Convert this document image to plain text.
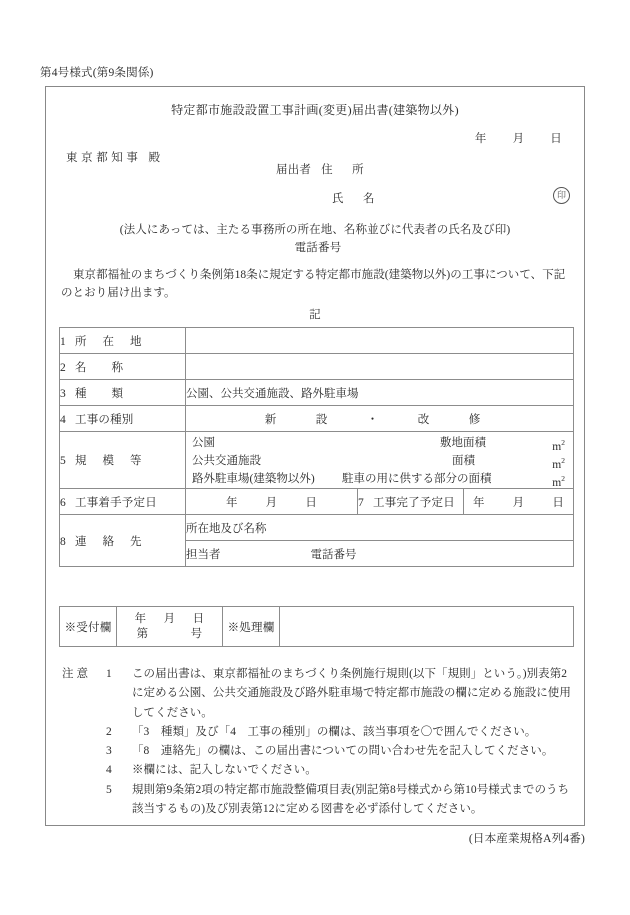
第4号様式(第9条関係)
特定都市施設設置工事計画(変更)届出書(建築物以外)
年 月 日
東京都知事 殿
届出者 住　所
氏　名	印
(法人にあっては、主たる事務所の所在地、名称並びに代表者の氏名及び印)
電話番号
東京都福祉のまちづくり条例第18条に規定する特定都市施設(建築物以外)の工事について、下記のとおり届け出ます。
記
1 所在地			
2 名称			
3 種類	公園、公共交通施設、路外駐車場		
4 工事の種別	新　設　・　改　修		
5 規模等	
公園	敷地面積	$m^2$
公共交通施設	面積	$m^2$
路外駐車場(建築物以外) 駐車の用に供する部分の面積	$m^2$

6 工事着手予定日	年 月 日	7 工事完了予定日	年 月 日
8 連絡先	所在地及び名称		
	担当者 電話番号		
※受付欄	
年 月 日
第	号	※処理欄	
注意	1	この届出書は、東京都福祉のまちづくり条例施行規則(以下「規則」という。)別表第2に定める公園、公共交通施設及び路外駐車場で特定都市施設の欄に定める施設に使用してください。
2	「3　種類」及び「4　工事の種別」の欄は、該当事項を〇で囲んでください。
3	「8　連絡先」の欄は、この届出書についての問い合わせ先を記入してください。
4	※欄には、記入しないでください。
5	規則第9条第2項の特定都市施設整備項目表(別記第8号様式から第10号様式までのうち該当するもの)及び別表第12に定める図書を必ず添付してください。
(日本産業規格A列4番)
